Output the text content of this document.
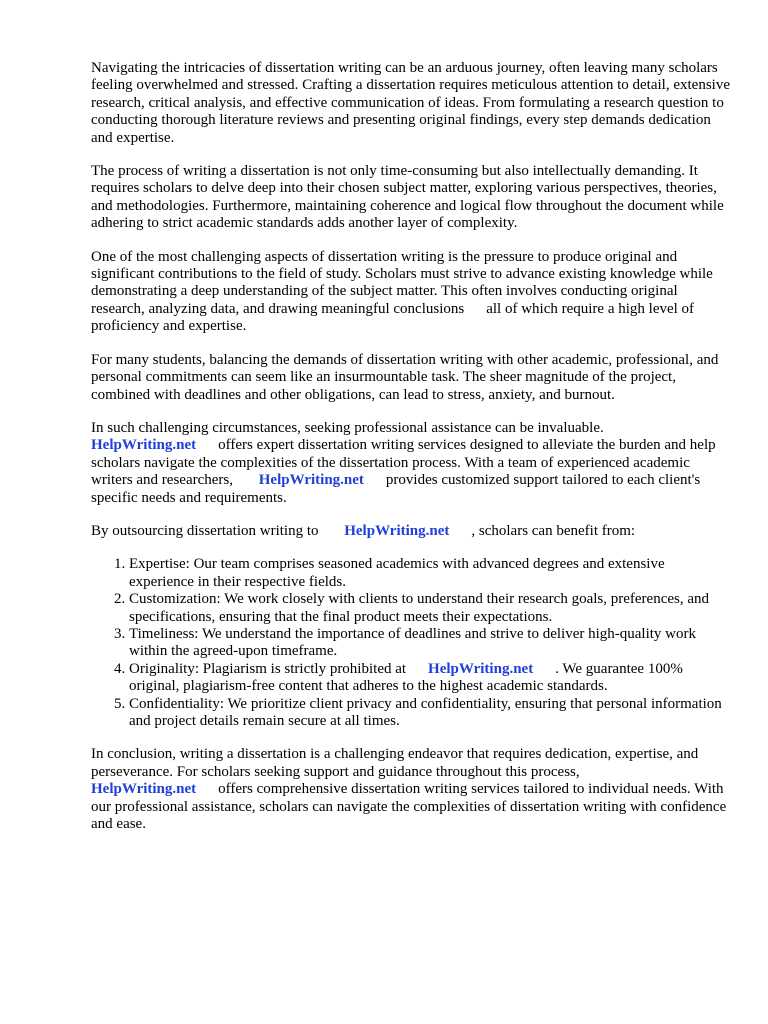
Navigating the intricacies of dissertation writing can be an arduous journey, often leaving many scholars feeling overwhelmed and stressed. Crafting a dissertation requires meticulous attention to detail, extensive research, critical analysis, and effective communication of ideas. From formulating a research question to conducting thorough literature reviews and presenting original findings, every step demands dedication and expertise.

The process of writing a dissertation is not only time-consuming but also intellectually demanding. It requires scholars to delve deep into their chosen subject matter, exploring various perspectives, theories, and methodologies. Furthermore, maintaining coherence and logical flow throughout the document while adhering to strict academic standards adds another layer of complexity.

One of the most challenging aspects of dissertation writing is the pressure to produce original and significant contributions to the field of study. Scholars must strive to advance existing knowledge while demonstrating a deep understanding of the subject matter. This often involves conducting original research, analyzing data, and drawing meaningful conclusions all of which require a high level of proficiency and expertise.

For many students, balancing the demands of dissertation writing with other academic, professional, and personal commitments can seem like an insurmountable task. The sheer magnitude of the project, combined with deadlines and other obligations, can lead to stress, anxiety, and burnout.

In such challenging circumstances, seeking professional assistance can be invaluable. HelpWriting.net offers expert dissertation writing services designed to alleviate the burden and help scholars navigate the complexities of the dissertation process. With a team of experienced academic writers and researchers, HelpWriting.net provides customized support tailored to each client's specific needs and requirements.

By outsourcing dissertation writing to HelpWriting.net , scholars can benefit from:

1. Expertise: Our team comprises seasoned academics with advanced degrees and extensive experience in their respective fields.
2. Customization: We work closely with clients to understand their research goals, preferences, and specifications, ensuring that the final product meets their expectations.
3. Timeliness: We understand the importance of deadlines and strive to deliver high-quality work within the agreed-upon timeframe.
4. Originality: Plagiarism is strictly prohibited at HelpWriting.net . We guarantee 100% original, plagiarism-free content that adheres to the highest academic standards.
5. Confidentiality: We prioritize client privacy and confidentiality, ensuring that personal information and project details remain secure at all times.

In conclusion, writing a dissertation is a challenging endeavor that requires dedication, expertise, and perseverance. For scholars seeking support and guidance throughout this process, HelpWriting.net offers comprehensive dissertation writing services tailored to individual needs. With our professional assistance, scholars can navigate the complexities of dissertation writing with confidence and ease.
